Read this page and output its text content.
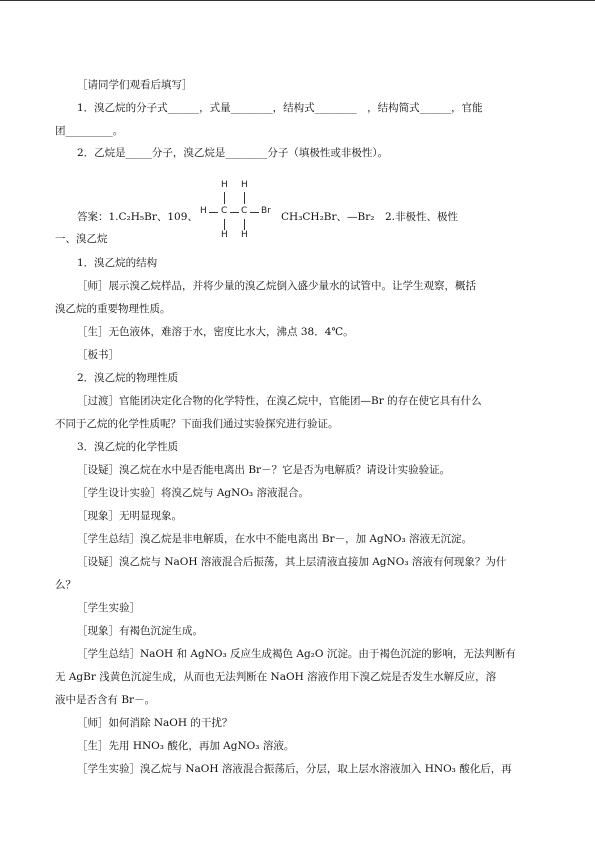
［请同学们观看后填写］
1．溴乙烷的分子式______，式量________，结构式________　，结构简式______，官能
团_________。
2．乙烷是_____分子，溴乙烷是________分子（填极性或非极性）。
答案：1.C₂H₅Br、109、
H H
H C C Br
H H
CH₃CH₂Br、—Br₂　2.非极性、极性
一、溴乙烷
1．溴乙烷的结构
［师］展示溴乙烷样品，并将少量的溴乙烷倒入盛少量水的试管中。让学生观察，概括
溴乙烷的重要物理性质。
［生］无色液体，难溶于水，密度比水大，沸点 38．4℃。
［板书］
2．溴乙烷的物理性质
［过渡］官能团决定化合物的化学特性，在溴乙烷中，官能团—Br 的存在使它具有什么
不同于乙烷的化学性质呢？下面我们通过实验探究进行验证。
3．溴乙烷的化学性质
［设疑］溴乙烷在水中是否能电离出 Br－？它是否为电解质？请设计实验验证。
［学生设计实验］将溴乙烷与 AgNO₃ 溶液混合。
［现象］无明显现象。
［学生总结］溴乙烷是非电解质，在水中不能电离出 Br－，加 AgNO₃ 溶液无沉淀。
［设疑］溴乙烷与 NaOH 溶液混合后振荡，其上层清液直接加 AgNO₃ 溶液有何现象？为什
么？
［学生实验］
［现象］有褐色沉淀生成。
［学生总结］NaOH 和 AgNO₃ 反应生成褐色 Ag₂O 沉淀。由于褐色沉淀的影响，无法判断有
无 AgBr 浅黄色沉淀生成，从而也无法判断在 NaOH 溶液作用下溴乙烷是否发生水解反应，溶
液中是否含有 Br－。
［师］如何消除 NaOH 的干扰？
［生］先用 HNO₃ 酸化，再加 AgNO₃ 溶液。
［学生实验］溴乙烷与 NaOH 溶液混合振荡后，分层，取上层水溶液加入 HNO₃ 酸化后，再
